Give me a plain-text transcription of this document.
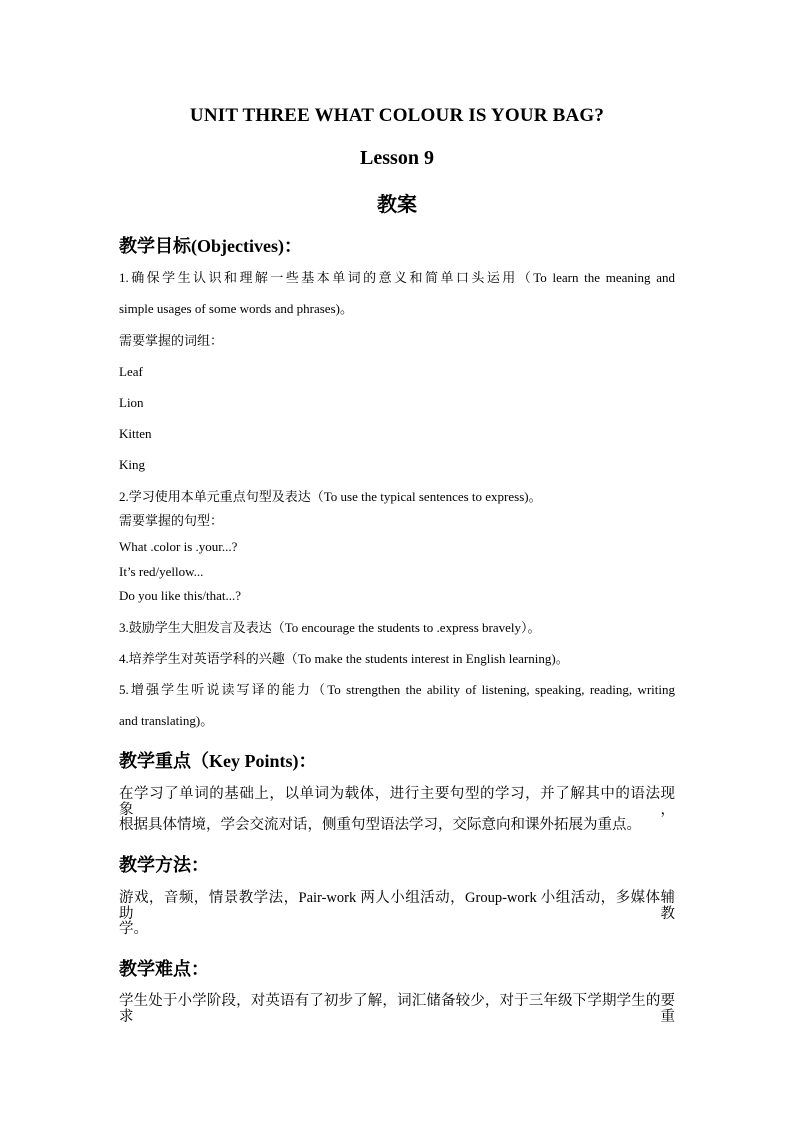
UNIT THREE WHAT COLOUR IS YOUR BAG?
Lesson 9
教案
教学目标(Objectives)：
1.确保学生认识和理解一些基本单词的意义和简单口头运用（To learn the meaning and
simple usages of some words and phrases)。
需要掌握的词组：
Leaf
Lion
Kitten
King
2.学习使用本单元重点句型及表达（To use the typical sentences to express)。
需要掌握的句型：
What .color is .your...?
It’s red/yellow...
Do you like this/that...?
3.鼓励学生大胆发言及表达（To encourage the students to .express bravely）。
4.培养学生对英语学科的兴趣（To make the students interest in English learning)。
5.增强学生听说读写译的能力（To strengthen the ability of listening, speaking, reading, writing
and translating)。
教学重点（Key Points)：
在学习了单词的基础上，以单词为载体，进行主要句型的学习，并了解其中的语法现象，
根据具体情境，学会交流对话，侧重句型语法学习，交际意向和课外拓展为重点。
教学方法：
游戏，音频，情景教学法，Pair-work 两人小组活动，Group-work 小组活动，多媒体辅助教
学。
教学难点：
学生处于小学阶段，对英语有了初步了解，词汇储备较少，对于三年级下学期学生的要求重
